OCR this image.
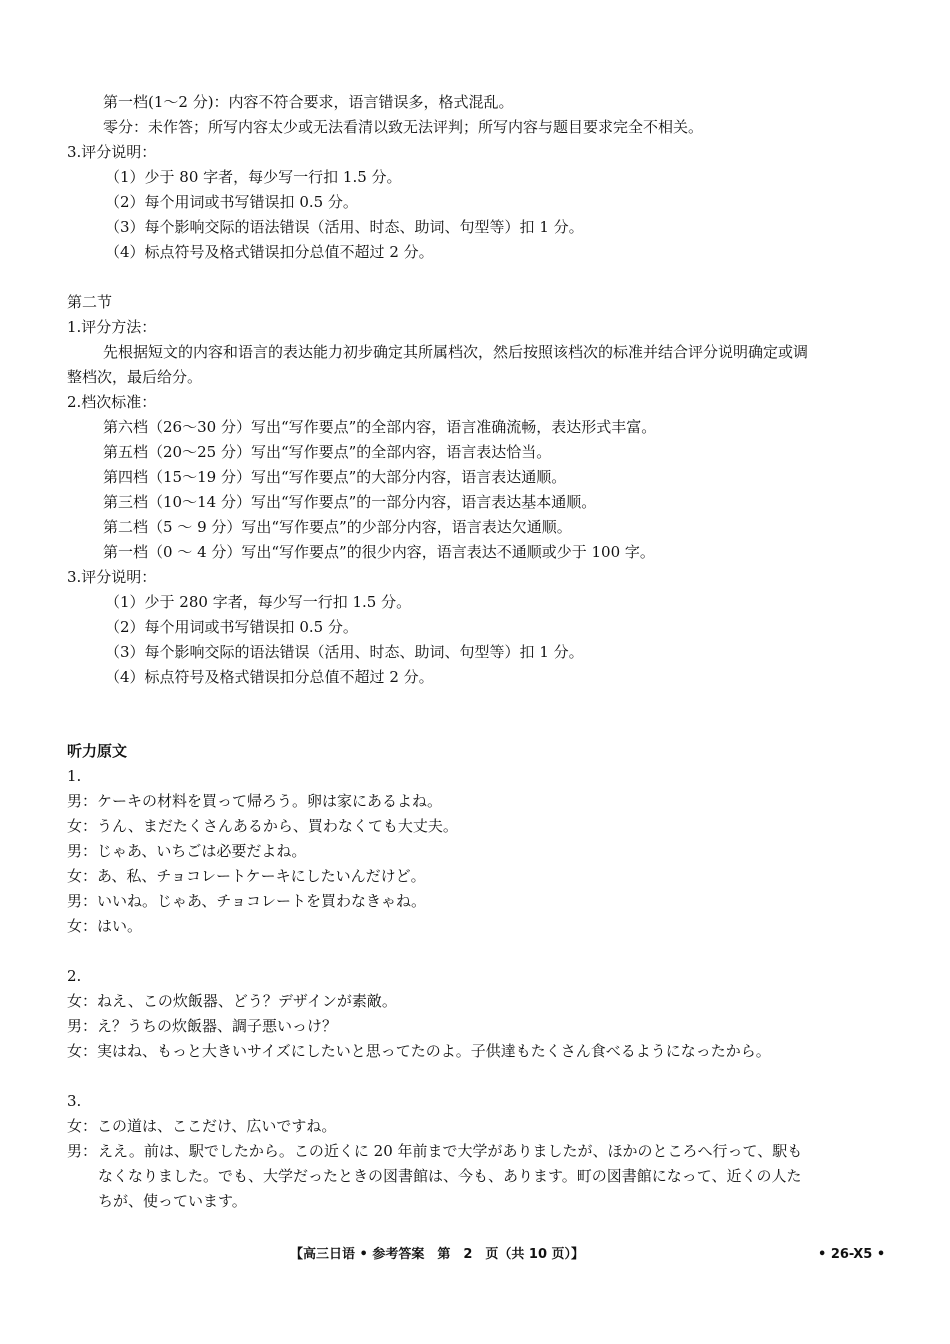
第一档(1～2 分)：内容不符合要求，语言错误多，格式混乱。
零分：未作答；所写内容太少或无法看清以致无法评判；所写内容与题目要求完全不相关。
3.评分说明：
（1）少于 80 字者，每少写一行扣 1.5 分。
（2）每个用词或书写错误扣 0.5 分。
（3）每个影响交际的语法错误（活用、时态、助词、句型等）扣 1 分。
（4）标点符号及格式错误扣分总值不超过 2 分。
第二节
1.评分方法：
先根据短文的内容和语言的表达能力初步确定其所属档次，然后按照该档次的标准并结合评分说明确定或调
整档次，最后给分。
2.档次标准：
第六档（26～30 分）写出“写作要点”的全部内容，语言准确流畅，表达形式丰富。
第五档（20～25 分）写出“写作要点”的全部内容，语言表达恰当。
第四档（15～19 分）写出“写作要点”的大部分内容，语言表达通顺。
第三档（10～14 分）写出“写作要点”的一部分内容，语言表达基本通顺。
第二档（5 ～ 9 分）写出“写作要点”的少部分内容，语言表达欠通顺。
第一档（0 ～ 4 分）写出“写作要点”的很少内容，语言表达不通顺或少于 100 字。
3.评分说明：
（1）少于 280 字者，每少写一行扣 1.5 分。
（2）每个用词或书写错误扣 0.5 分。
（3）每个影响交际的语法错误（活用、时态、助词、句型等）扣 1 分。
（4）标点符号及格式错误扣分总值不超过 2 分。
听力原文
1.
男：ケーキの材料を買って帰ろう。卵は家にあるよね。
女：うん、まだたくさんあるから、買わなくても大丈夫。
男：じゃあ、いちごは必要だよね。
女：あ、私、チョコレートケーキにしたいんだけど。
男：いいね。じゃあ、チョコレートを買わなきゃね。
女：はい。
2.
女：ねえ、この炊飯器、どう？デザインが素敵。
男：え？うちの炊飯器、調子悪いっけ？
女：実はね、もっと大きいサイズにしたいと思ってたのよ。子供達もたくさん食べるようになったから。
3.
女：この道は、ここだけ、広いですね。
男： ええ。前は、駅でしたから。この近くに 20 年前まで大学がありましたが、ほかのところへ行って、駅も
なくなりました。でも、大学だったときの図書館は、今も、あります。町の図書館になって、近くの人た
ちが、使っています。
【高三日语 • 参考答案　第　2　页（共 10 页）】	• 26-X5 •
